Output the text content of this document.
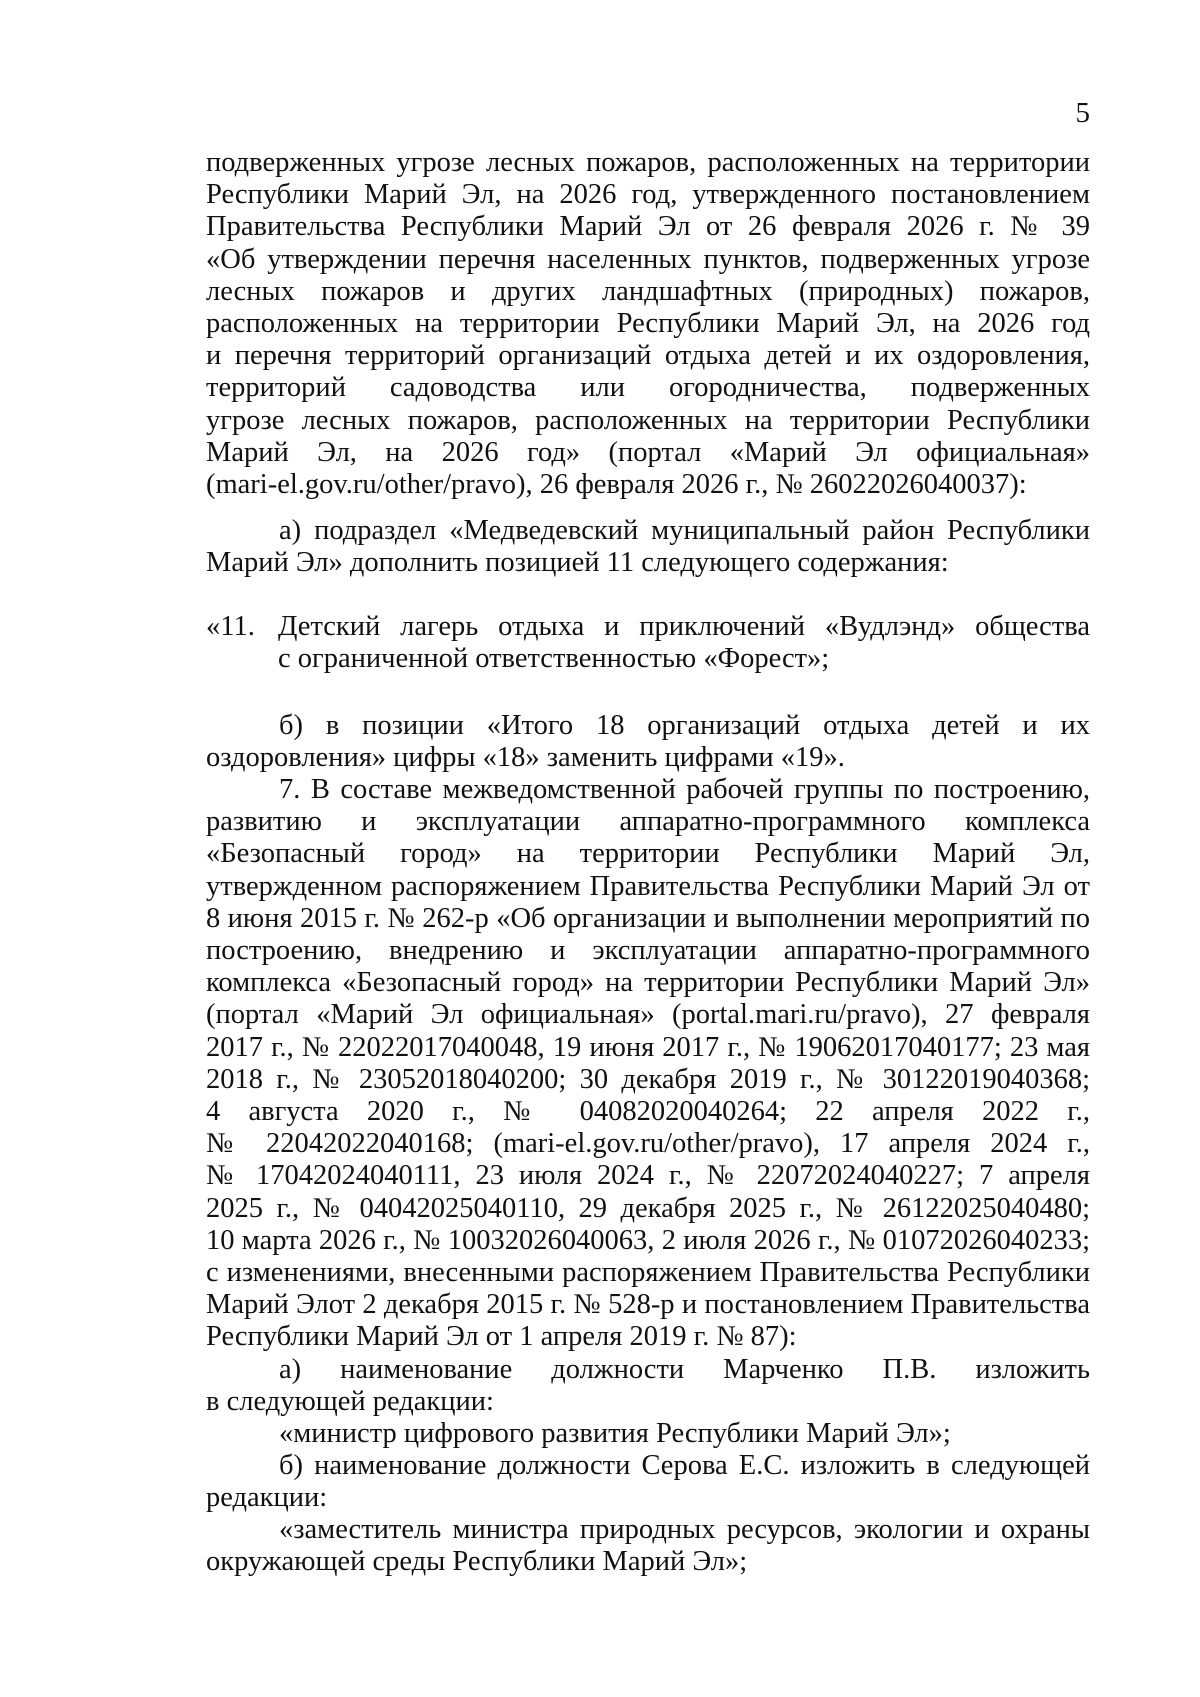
5

подверженных угрозе лесных пожаров, расположенных на территории

Республики Марий Эл, на 2026 год, утвержденного постановлением

Правительства Республики Марий Эл от 26 февраля 2026 г. № 39

«Об утверждении перечня населенных пунктов, подверженных угрозе

лесных пожаров и других ландшафтных (природных) пожаров,

расположенных на территории Республики Марий Эл, на 2026 год

и перечня территорий организаций отдыха детей и их оздоровления,

территорий садоводства или огородничества, подверженных

угрозе лесных пожаров, расположенных на территории Республики

Марий Эл, на 2026 год» (портал «Марий Эл официальная»

(mari-el.gov.ru/other/pravo), 26 февраля 2026 г., № 26022026040037):

а) подраздел «Медведевский муниципальный район Республики

Марий Эл» дополнить позицией 11 следующего содержания:

«11. Детский лагерь отдыха и приключений «Вудлэнд» общества

с ограниченной ответственностью «Форест»;

б) в позиции «Итого 18 организаций отдыха детей и их

оздоровления» цифры «18» заменить цифрами «19».

7. В составе межведомственной рабочей группы по построению,

развитию и эксплуатации аппаратно-программного комплекса

«Безопасный город» на территории Республики Марий Эл,

утвержденном распоряжением Правительства Республики Марий Эл от

8 июня 2015 г. № 262-р «Об организации и выполнении мероприятий по

построению, внедрению и эксплуатации аппаратно-программного

комплекса «Безопасный город» на территории Республики Марий Эл»

(портал «Марий Эл официальная» (portal.mari.ru/pravo), 27 февраля

2017 г., № 22022017040048, 19 июня 2017 г., № 19062017040177; 23 мая

2018 г., № 23052018040200; 30 декабря 2019 г., № 30122019040368;

4 августа 2020 г., № 04082020040264; 22 апреля 2022 г.,

№ 22042022040168; (mari-el.gov.ru/other/pravo), 17 апреля 2024 г.,

№ 17042024040111, 23 июля 2024 г., № 22072024040227; 7 апреля

2025 г., № 04042025040110, 29 декабря 2025 г., № 26122025040480;

10 марта 2026 г., № 10032026040063, 2 июля 2026 г., № 01072026040233;

с изменениями, внесенными распоряжением Правительства Республики

Марий Элот 2 декабря 2015 г. № 528-р и постановлением Правительства

Республики Марий Эл от 1 апреля 2019 г. № 87):

а) наименование должности Марченко П.В. изложить

в следующей редакции:

«министр цифрового развития Республики Марий Эл»;

б) наименование должности Серова Е.С. изложить в следующей

редакции:

«заместитель министра природных ресурсов, экологии и охраны

окружающей среды Республики Марий Эл»;
